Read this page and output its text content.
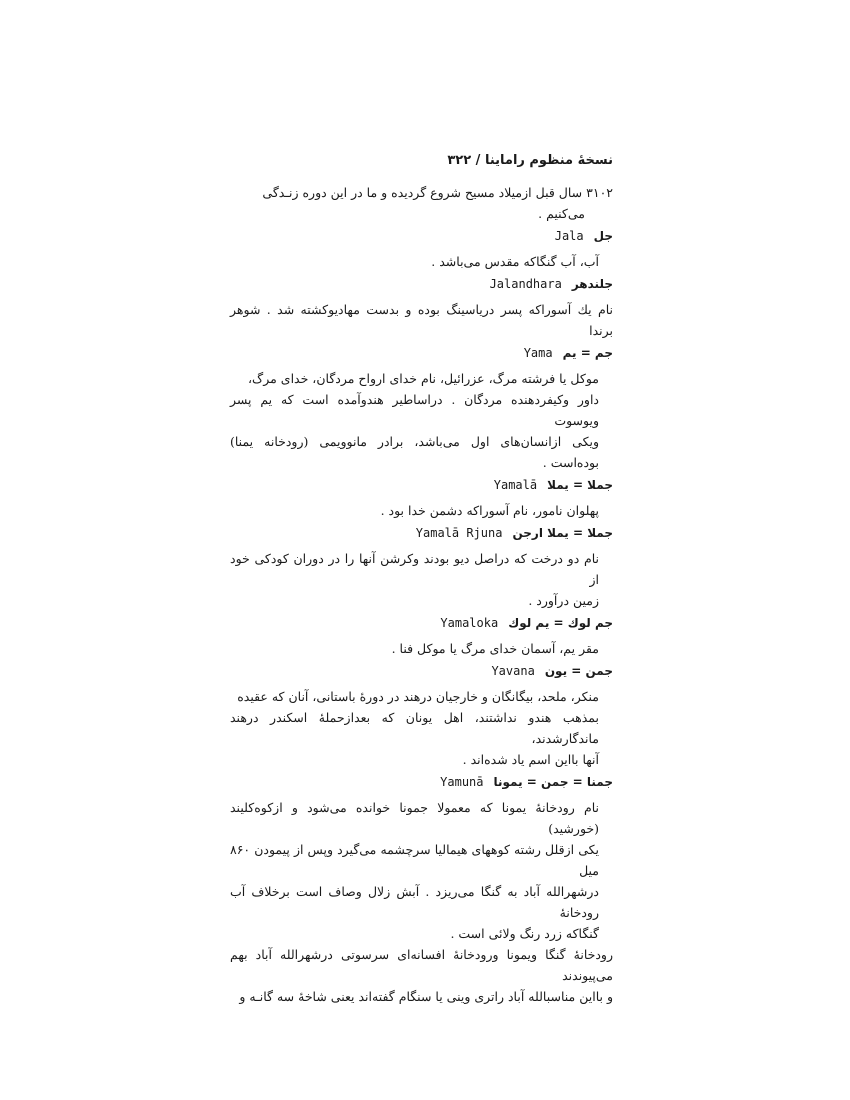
نسخۀ منظوم راماینا / ۳۲۲

۳۱۰۲ سال قبل ازمیلاد مسیح شروع گردیده و ما در این دوره زنـدگی

می‌کنیم .

جل
Jala

آب، آب گنگاکه مقدس می‌باشد .

جلندهر
Jalandhara

نام یك آسوراکه پسر دریاسینگ بوده و بدست مهادیوکشته شد . شوهر برندا

جم = یم
Yama

موکل یا فرشته مرگ، عزرائیل، نام خدای ارواح مردگان، خدای مرگ،

داور وکیفردهنده مردگان . دراساطیر هندوآمده است که یم پسر ویوسوت

ویکی ازانسان‌های اول می‌باشد، برادر مانوویمی (رودخانه یمنا) بوده‌است .

جملا = یملا
Yamalā

پهلوان نامور، نام آسوراکه دشمن خدا بود .

جملا = یملا ارجن
Yamalā Rjuna

نام دو درخت که دراصل دیو بودند وکرشن آنها را در دوران کودکی خود از

زمین درآورد .

جم لوك = یم لوك
Yamaloka

مقر یم، آسمان خدای مرگ یا موکل فنا .

جمن = یون
Yavana

منکر، ملحد، بیگانگان و خارجیان درهند در دورۀ باستانی، آنان که عقیده

بمذهب هندو نداشتند، اهل یونان که بعدازحملۀ اسکندر درهند ماندگارشدند،

آنها بااین اسم یاد شده‌اند .

جمنا = جمن = یمونا
Yamunā

نام رودخانۀ یمونا که معمولا جمونا خوانده می‌شود و ازکوه‌کلیند (خورشید)

یکی ازقلل رشته کوههای هیمالیا سرچشمه می‌گیرد وپس از پیمودن ۸۶۰ میل

درشهرالله آباد به گنگا می‌ریزد . آبش زلال وصاف است برخلاف آب رودخانۀ

گنگاکه زرد رنگ ولائی است .

رودخانۀ گنگا ویمونا ورودخانۀ افسانه‌ای سرسوتی درشهرالله آباد بهم می‌پیوندند

و بااین مناسبالله آباد راتری وینی یا سنگام گفته‌اند یعنی شاخۀ سه گانـه و
